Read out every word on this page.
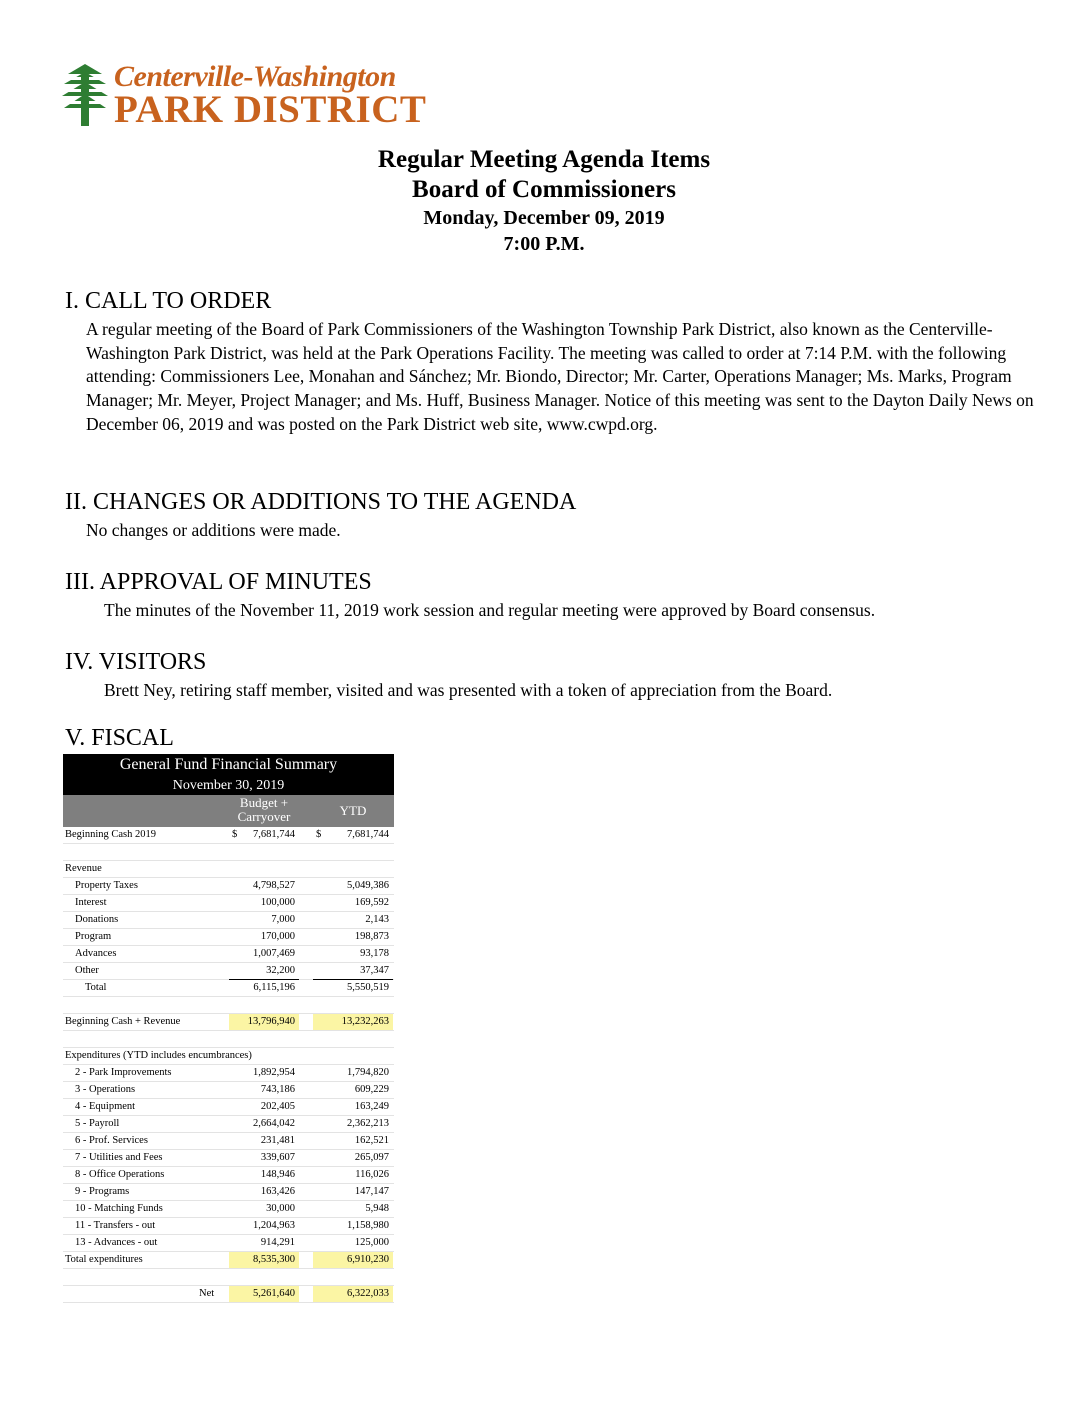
Centerville-Washington
PARK DISTRICT
Regular Meeting Agenda Items
Board of Commissioners
Monday, December 09, 2019
7:00 P.M.
I. CALL TO ORDER
A regular meeting of the Board of Park Commissioners of the Washington Township Park District, also known as the Centerville-Washington Park District, was held at the Park Operations Facility. The meeting was called to order at 7:14 P.M. with the following attending: Commissioners Lee, Monahan and Sánchez; Mr. Biondo, Director; Mr. Carter, Operations Manager; Ms. Marks, Program Manager; Mr. Meyer, Project Manager; and Ms. Huff, Business Manager. Notice of this meeting was sent to the Dayton Daily News on December 06, 2019 and was posted on the Park District web site, www.cwpd.org.
II. CHANGES OR ADDITIONS TO THE AGENDA
No changes or additions were made.
III. APPROVAL OF MINUTES
The minutes of the November 11, 2019 work session and regular meeting were approved by Board consensus.
IV. VISITORS
Brett Ney, retiring staff member, visited and was presented with a token of appreciation from the Board.
V. FISCAL
General Fund Financial Summary
November 30, 2019
Budget +
Carryover	YTD
Beginning Cash 2019	$	7,681,744	$	7,681,744
Revenue
Property Taxes	4,798,527	5,049,386
Interest	100,000	169,592
Donations	7,000	2,143
Program	170,000	198,873
Advances	1,007,469	93,178
Other	32,200	37,347
Total	6,115,196	5,550,519
Beginning Cash + Revenue	13,796,940	13,232,263
Expenditures (YTD includes encumbrances)
2 - Park Improvements	1,892,954	1,794,820
3 - Operations	743,186	609,229
4 - Equipment	202,405	163,249
5 - Payroll	2,664,042	2,362,213
6 - Prof. Services	231,481	162,521
7 - Utilities and Fees	339,607	265,097
8 - Office Operations	148,946	116,026
9 - Programs	163,426	147,147
10 - Matching Funds	30,000	5,948
11 - Transfers - out	1,204,963	1,158,980
13 - Advances - out	914,291	125,000
Total expenditures	8,535,300	6,910,230
Net	5,261,640	6,322,033
